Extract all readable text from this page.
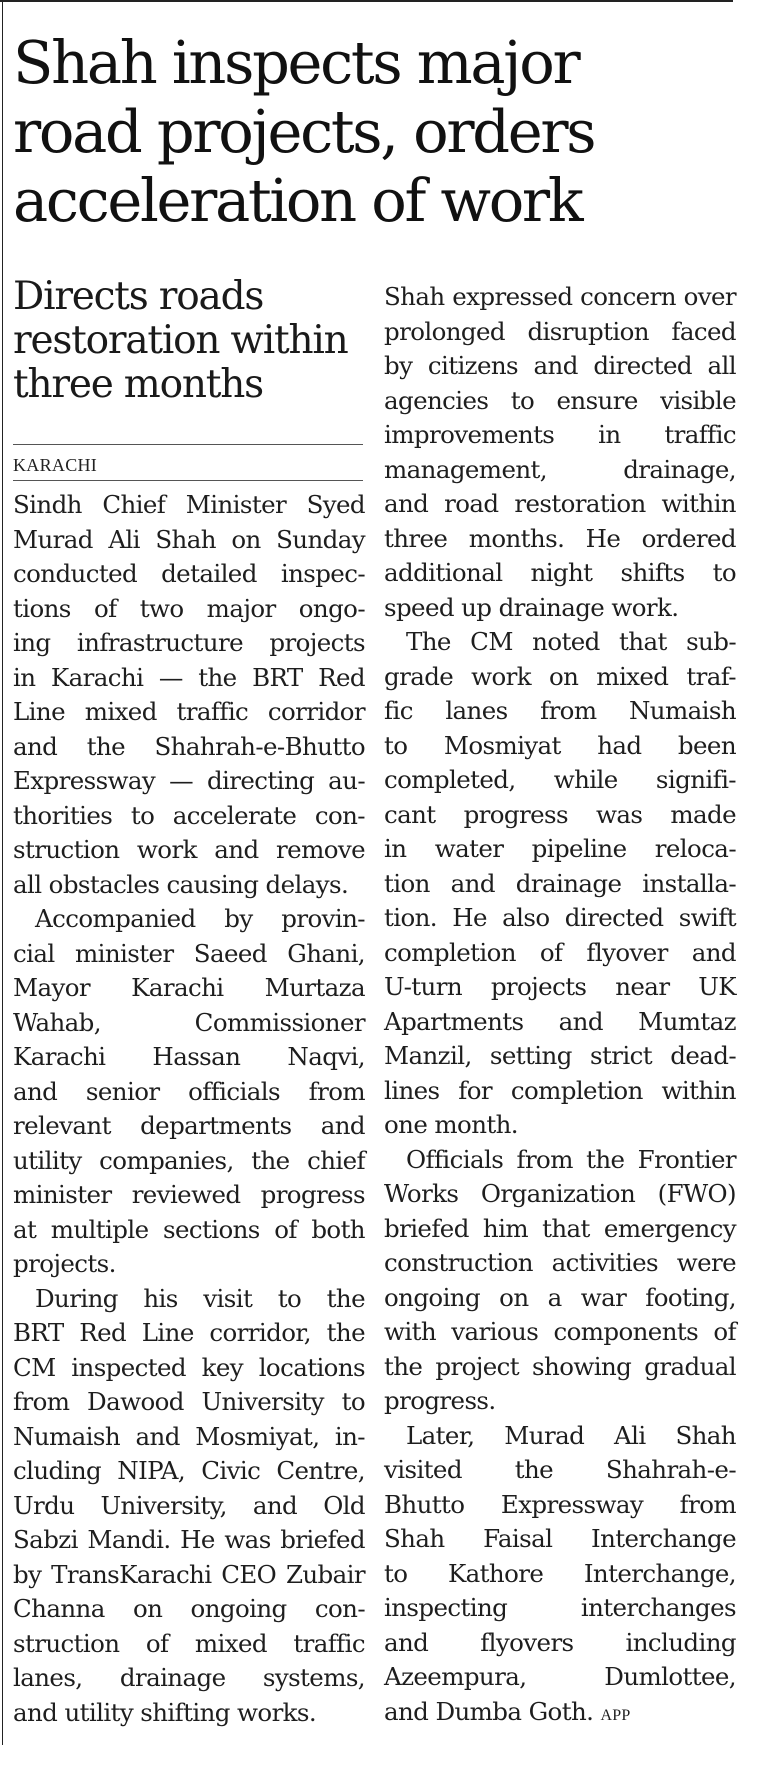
Shah inspects major
road projects, orders
acceleration of work
Directs roads
restoration within
three months
KARACHI
Sindh Chief Minister Syed
Murad Ali Shah on Sunday
conducted detailed inspec-
tions of two major ongo-
ing infrastructure projects
in Karachi — the BRT Red
Line mixed traffic corridor
and the Shahrah-e-Bhutto
Expressway — directing au-
thorities to accelerate con-
struction work and remove
all obstacles causing delays.
Accompanied by provin-
cial minister Saeed Ghani,
Mayor Karachi Murtaza
Wahab, Commissioner
Karachi Hassan Naqvi,
and senior officials from
relevant departments and
utility companies, the chief
minister reviewed progress
at multiple sections of both
projects.
During his visit to the
BRT Red Line corridor, the
CM inspected key locations
from Dawood University to
Numaish and Mosmiyat, in-
cluding NIPA, Civic Centre,
Urdu University, and Old
Sabzi Mandi. He was briefed
by TransKarachi CEO Zubair
Channa on ongoing con-
struction of mixed traffic
lanes, drainage systems,
and utility shifting works.
Shah expressed concern over
prolonged disruption faced
by citizens and directed all
agencies to ensure visible
improvements in traffic
management, drainage,
and road restoration within
three months. He ordered
additional night shifts to
speed up drainage work.
The CM noted that sub-
grade work on mixed traf-
fic lanes from Numaish
to Mosmiyat had been
completed, while signifi-
cant progress was made
in water pipeline reloca-
tion and drainage installa-
tion. He also directed swift
completion of flyover and
U-turn projects near UK
Apartments and Mumtaz
Manzil, setting strict dead-
lines for completion within
one month.
Officials from the Frontier
Works Organization (FWO)
briefed him that emergency
construction activities were
ongoing on a war footing,
with various components of
the project showing gradual
progress.
Later, Murad Ali Shah
visited the Shahrah-e-
Bhutto Expressway from
Shah Faisal Interchange
to Kathore Interchange,
inspecting interchanges
and flyovers including
Azeempura, Dumlottee,
and Dumba Goth. APP
